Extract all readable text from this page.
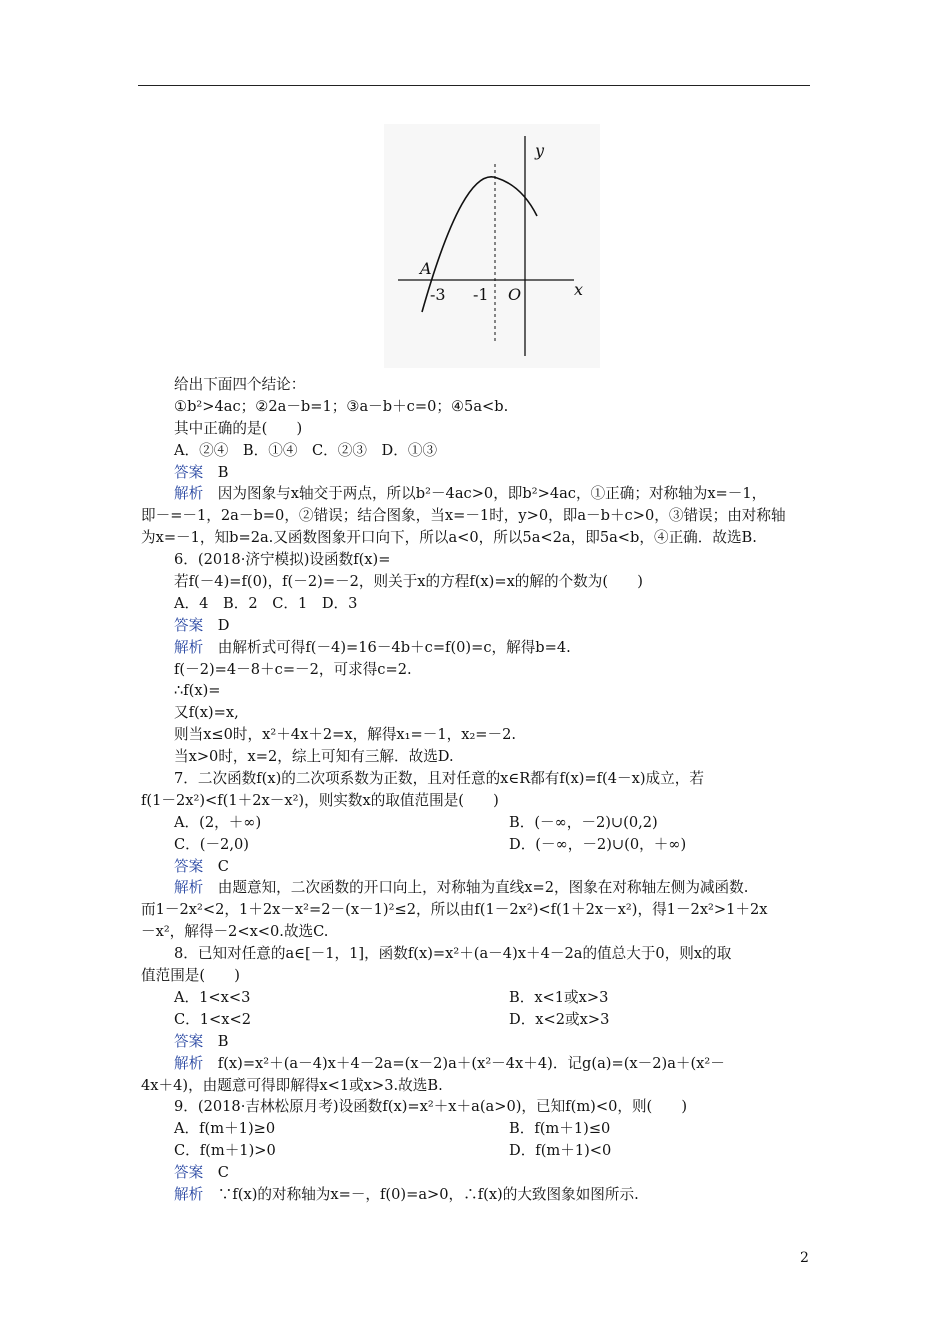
y
x
A
-3 -1 O
给出下面四个结论：
①b²>4ac；②2a－b=1；③a－b＋c=0；④5a<b.
其中正确的是(　　)
A．②④　B．①④　C．②③　D．①③
答案　B
解析　因为图象与x轴交于两点，所以b²－4ac>0，即b²>4ac，①正确；对称轴为x=－1，
即－=－1，2a－b=0，②错误；结合图象，当x=－1时，y>0，即a－b＋c>0，③错误；由对称轴
为x=－1，知b=2a.又函数图象开口向下，所以a<0，所以5a<2a，即5a<b，④正确．故选B.
6．(2018·济宁模拟)设函数f(x)=
若f(－4)=f(0)，f(－2)=－2，则关于x的方程f(x)=x的解的个数为(　　)
A．4　B．2　C．1　D．3
答案　D
解析　由解析式可得f(－4)=16－4b＋c=f(0)=c，解得b=4.
f(－2)=4－8＋c=－2，可求得c=2.
∴f(x)=
又f(x)=x,
则当x≤0时，x²＋4x＋2=x，解得x₁=－1，x₂=－2.
当x>0时，x=2，综上可知有三解．故选D.
7．二次函数f(x)的二次项系数为正数，且对任意的x∈R都有f(x)=f(4－x)成立，若
f(1－2x²)<f(1＋2x－x²)，则实数x的取值范围是(　　)
A．(2，＋∞)	B．(－∞，－2)∪(0,2)
C．(－2,0)	D．(－∞，－2)∪(0，＋∞)
答案　C
解析　由题意知，二次函数的开口向上，对称轴为直线x=2，图象在对称轴左侧为减函数.
而1－2x²<2，1＋2x－x²=2－(x－1)²≤2，所以由f(1－2x²)<f(1＋2x－x²)，得1－2x²>1＋2x
－x²，解得－2<x<0.故选C.
8．已知对任意的a∈[－1，1]，函数f(x)=x²＋(a－4)x＋4－2a的值总大于0，则x的取
值范围是(　　)
A．1<x<3	B．x<1或x>3
C．1<x<2	D．x<2或x>3
答案　B
解析　f(x)=x²＋(a－4)x＋4－2a=(x－2)a＋(x²－4x＋4)．记g(a)=(x－2)a＋(x²－
4x＋4)，由题意可得即解得x<1或x>3.故选B.
9．(2018·吉林松原月考)设函数f(x)=x²＋x＋a(a>0)，已知f(m)<0，则(　　)
A．f(m＋1)≥0	B．f(m＋1)≤0
C．f(m＋1)>0	D．f(m＋1)<0
答案　C
解析　∵f(x)的对称轴为x=－，f(0)=a>0，∴f(x)的大致图象如图所示.
2
